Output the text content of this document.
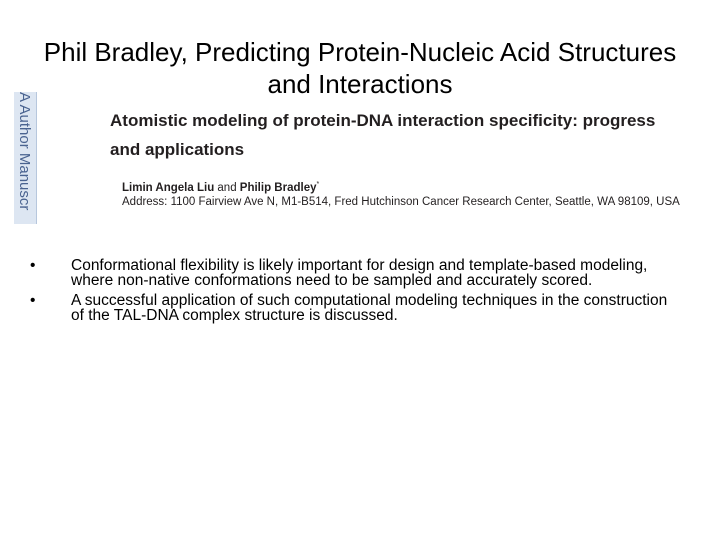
Phil Bradley, Predicting Protein-Nucleic Acid Structures and Interactions
A Author Manuscr	Atomistic modeling of protein-DNA interaction specificity: progress and applications
Limin Angela Liu and Philip Bradley*
Address: 1100 Fairview Ave N, M1-B514, Fred Hutchinson Cancer Research Center, Seattle, WA 98109, USA
• Conformational flexibility is likely important for design and template-based modeling, where non-native conformations need to be sampled and accurately scored.
• A successful application of such computational modeling techniques in the construction of the TAL-DNA complex structure is discussed.
